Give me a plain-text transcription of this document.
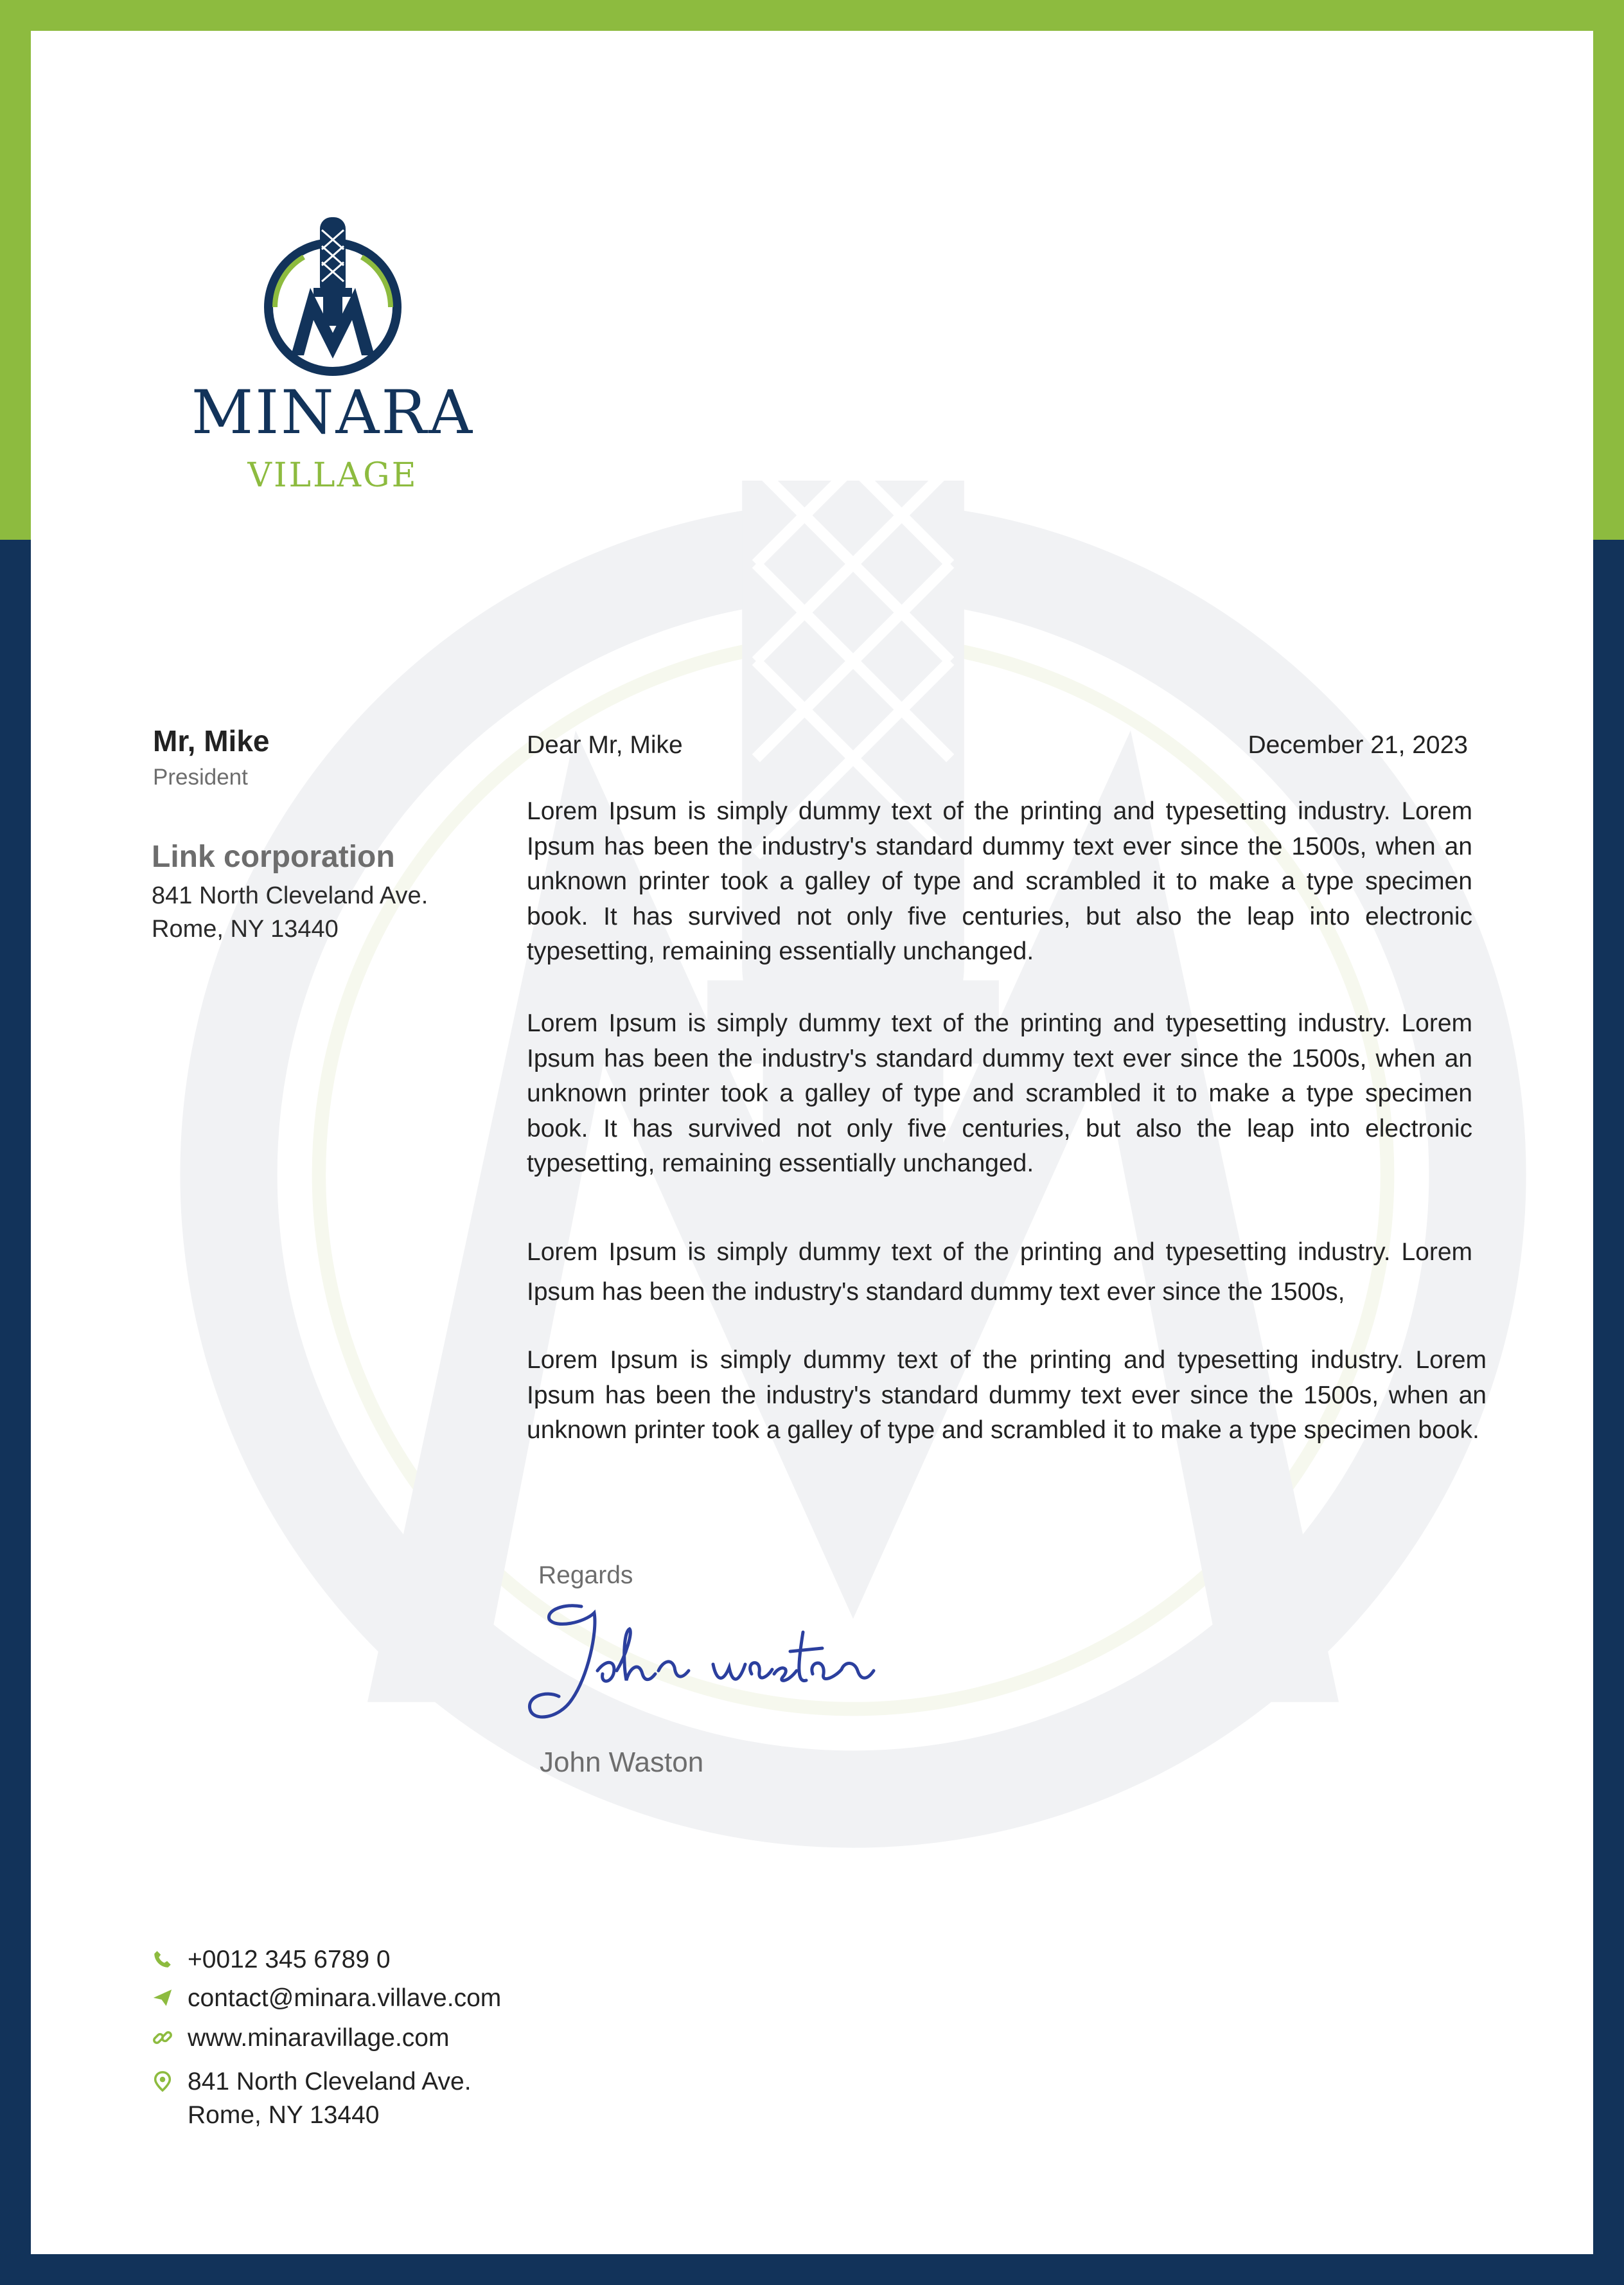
MINARA
VILLAGE
Mr, Mike
President
Link corporation
841 North Cleveland Ave.
Rome, NY 13440
Dear Mr, Mike	December 21, 2023

Lorem Ipsum is simply dummy text of the printing and typesetting industry. Lorem Ipsum has been the industry's standard dummy text ever since the 1500s, when an unknown printer took a galley of type and scrambled it to make a type specimen book. It has survived not only five centuries, but also the leap into electronic typesetting, remaining essentially unchanged.

Lorem Ipsum is simply dummy text of the printing and typesetting industry. Lorem Ipsum has been the industry's standard dummy text ever since the 1500s, when an unknown printer took a galley of type and scrambled it to make a type specimen book. It has survived not only five centuries, but also the leap into electronic typesetting, remaining essentially unchanged.

Lorem Ipsum is simply dummy text of the printing and typesetting industry. Lorem Ipsum has been the industry's standard dummy text ever since the 1500s,

Lorem Ipsum is simply dummy text of the printing and typesetting industry. Lorem Ipsum has been the industry's standard dummy text ever since the 1500s, when an unknown printer took a galley of type and scrambled it to make a type specimen book.

Regards
John Waston
+0012 345 6789 0
contact@minara.villave.com
www.minaravillage.com
841 North Cleveland Ave.
Rome, NY 13440
